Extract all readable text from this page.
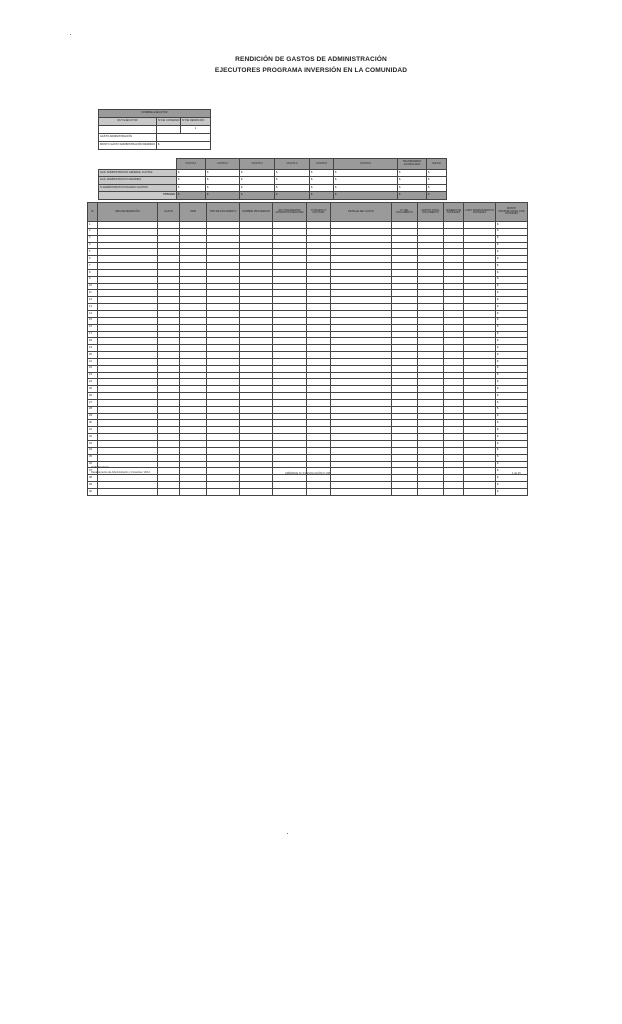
RENDICIÓN DE GASTOS DE ADMINISTRACIÓN
EJECUTORES PROGRAMA INVERSIÓN EN LA COMUNIDAD
NOMBRE EJECUTOR		
RUT EJECUTOR	Nº DE CONVENIO	Nº DE RENDICIÓN
		1
GASTO ADMINISTRACIÓN		
MONTO GASTO ADMINISTRACIÓN RENDIDO	$	
	CUOTA 1	CUOTA 2	CUOTA 3	CUOTA 4	CUOTA 5	CUOTA 6	TRANSFERIDO ACUMULADO	SALDO
GAS. ADMINISTRATIVA GENERAL CUOTAS	$	$	$	$	$	$	$	$
GAS. ADMINISTRATIVO RENDIDO	$	$	$	$	$	$	$	$
% ADMINISTRATIVO PAGADO GASTOS	$	$	$	$	$	$	$	$
TOTALES	$	$	$	$	$	$	$	$
Nº	MES DE RENDICIÓN	GASTO	ITEM	TIPO DE DOCUMENTO	NOMBRE PROVEEDOR	RUT PROVEEDOR CONTRATISTA/ELIGIDO	Nº BOLETA O FACTURA	DETALLE DEL GASTO	Nº DEL DOCUMENTO	MONTO TOTAL DOCUMENTO	NÚMERO DE CONVENIO	CUPO ADMINISTRATIVO CONVENIO	MONTO PROPORCIONAL POR CONVENIO
1													$
2													$
3													$
4													$
5													$
6													$
7													$
8													$
9													$
10													$
11													$
12													$
13													$
14													$
15													$
16													$
17													$
18													$
19													$
20													$
21													$
22													$
23													$
24													$
25													$
26													$
27													$
28													$
29													$
30													$
31													$
32													$
33													$
34													$
35													$
36													$
37													$
38													$
39													$
40													$
Vº Bº Rendición
Departamento de Administración y Finanzas / 2014	APÉNDICE Nº 3 RESOLUCIÓN Nº 238	1 de 15
